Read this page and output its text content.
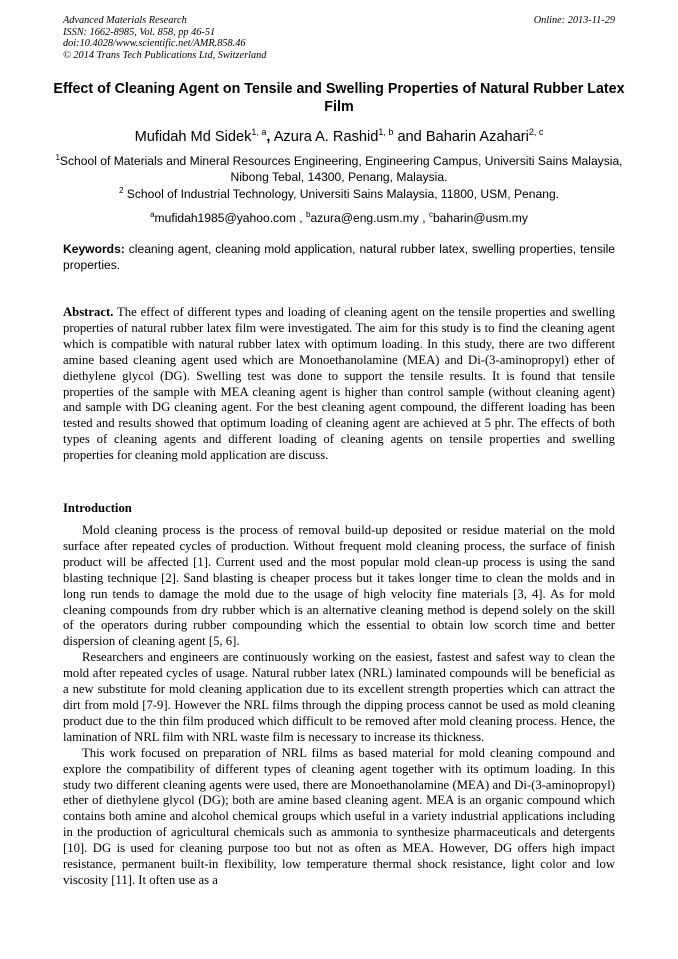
Advanced Materials Research
ISSN: 1662-8985, Vol. 858, pp 46-51
doi:10.4028/www.scientific.net/AMR.858.46
© 2014 Trans Tech Publications Ltd, Switzerland
Online: 2013-11-29
Effect of Cleaning Agent on Tensile and Swelling Properties of Natural Rubber Latex Film
Mufidah Md Sidek$^{1, a}$, Azura A. Rashid$^{1, b}$ and Baharin Azahari$^{2, c}$
$^1$School of Materials and Mineral Resources Engineering, Engineering Campus, Universiti Sains Malaysia, Nibong Tebal, 14300, Penang, Malaysia.
$^2$ School of Industrial Technology, Universiti Sains Malaysia, 11800, USM, Penang.
$^a$mufidah1985@yahoo.com , $^b$azura@eng.usm.my , $^c$baharin@usm.my
Keywords: cleaning agent, cleaning mold application, natural rubber latex, swelling properties, tensile properties.
Abstract. The effect of different types and loading of cleaning agent on the tensile properties and swelling properties of natural rubber latex film were investigated. The aim for this study is to find the cleaning agent which is compatible with natural rubber latex with optimum loading. In this study, there are two different amine based cleaning agent used which are Monoethanolamine (MEA) and Di-(3-aminopropyl) ether of diethylene glycol (DG). Swelling test was done to support the tensile results. It is found that tensile properties of the sample with MEA cleaning agent is higher than control sample (without cleaning agent) and sample with DG cleaning agent. For the best cleaning agent compound, the different loading has been tested and results showed that optimum loading of cleaning agent are achieved at 5 phr. The effects of both types of cleaning agents and different loading of cleaning agents on tensile properties and swelling properties for cleaning mold application are discuss.
Introduction

Mold cleaning process is the process of removal build-up deposited or residue material on the mold surface after repeated cycles of production. Without frequent mold cleaning process, the surface of finish product will be affected [1]. Current used and the most popular mold clean-up process is using the sand blasting technique [2]. Sand blasting is cheaper process but it takes longer time to clean the molds and in long run tends to damage the mold due to the usage of high velocity fine materials [3, 4]. As for mold cleaning compounds from dry rubber which is an alternative cleaning method is depend solely on the skill of the operators during rubber compounding which the essential to obtain low scorch time and better dispersion of cleaning agent [5, 6].

Researchers and engineers are continuously working on the easiest, fastest and safest way to clean the mold after repeated cycles of usage. Natural rubber latex (NRL) laminated compounds will be beneficial as a new substitute for mold cleaning application due to its excellent strength properties which can attract the dirt from mold [7-9]. However the NRL films through the dipping process cannot be used as mold cleaning product due to the thin film produced which difficult to be removed after mold cleaning process. Hence, the lamination of NRL film with NRL waste film is necessary to increase its thickness.

This work focused on preparation of NRL films as based material for mold cleaning compound and explore the compatibility of different types of cleaning agent together with its optimum loading. In this study two different cleaning agents were used, there are Monoethanolamine (MEA) and Di-(3-aminopropyl) ether of diethylene glycol (DG); both are amine based cleaning agent. MEA is an organic compound which contains both amine and alcohol chemical groups which useful in a variety industrial applications including in the production of agricultural chemicals such as ammonia to synthesize pharmaceuticals and detergents [10]. DG is used for cleaning purpose too but not as often as MEA. However, DG offers high impact resistance, permanent built-in flexibility, low temperature thermal shock resistance, light color and low viscosity [11]. It often use as a
